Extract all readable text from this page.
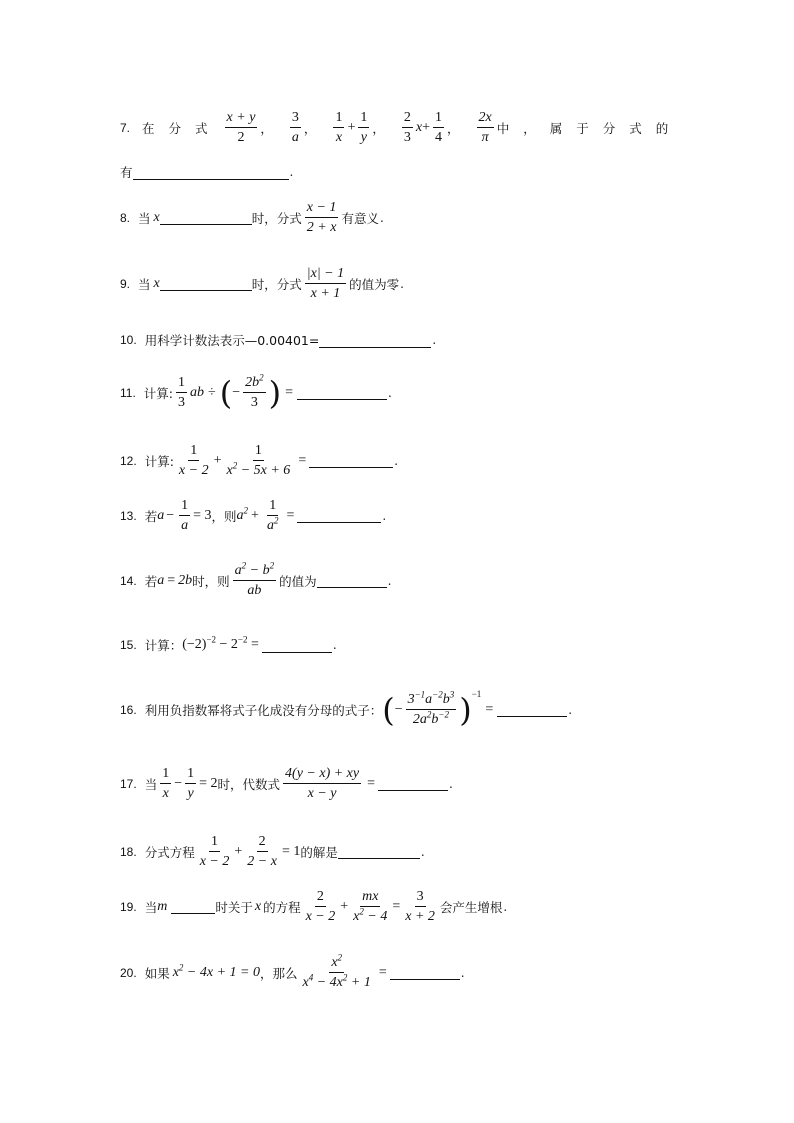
7. 在分式 $\frac{x + y}{2}$ ， $\frac{3}{a}$ ， $\frac{1}{x} + \frac{1}{y}$ ， $\frac{2}{3}$ $x + \frac{1}{4}$ ， $\frac{2x}{\pi}$ 中，属于分式的
有	.
8. 当 x	时，分式 $\frac{x - 1}{2 + x}$ 有意义 .
9. 当 x	时，分式 $\frac{|x| - 1}{x + 1}$ 的值为零 .
10. 用科学计数法表示—0.00401=	.
11. 计算: $\frac{1}{3}$ ab ÷ ( − $\frac{2b^2}{3}$ ) =	.
12. 计算: $\frac{1}{x - 2} + \frac{1}{x^2 - 5x + 6}$ =	.
13. 若 $a - \frac{1}{a} = 3$ ，则 $a^2 + \frac{1}{a^2}$ =	.
14. 若 a = 2b 时，则 $\frac{a^2 - b^2}{ab}$ 的值为	.
15. 计算： $(-2)^{-2} - 2^{-2}$ =	.
16. 利用负指数幂将式子化成没有分母的式子： ( − $\frac{3^{-1}a^{-2}b^3}{2a^2b^{-2}}$ ) −1
=	.
17. 当 $\frac{1}{x} - \frac{1}{y} = 2$ 时，代数式 $\frac{4(y - x) + xy}{x - y}$ =	.
18. 分式方程 $\frac{1}{x - 2} + \frac{2}{2 - x} = 1$ 的解是	.
19. 当 m	时关于 x 的方程 $\frac{2}{x - 2} + \frac{mx}{x^2 - 4} = \frac{3}{x + 2}$ 会产生增根 .
20. 如果 $x^2 - 4x + 1 = 0$ ，那么 $\frac{x^2}{x^4 - 4x^2 + 1}$ =	.
